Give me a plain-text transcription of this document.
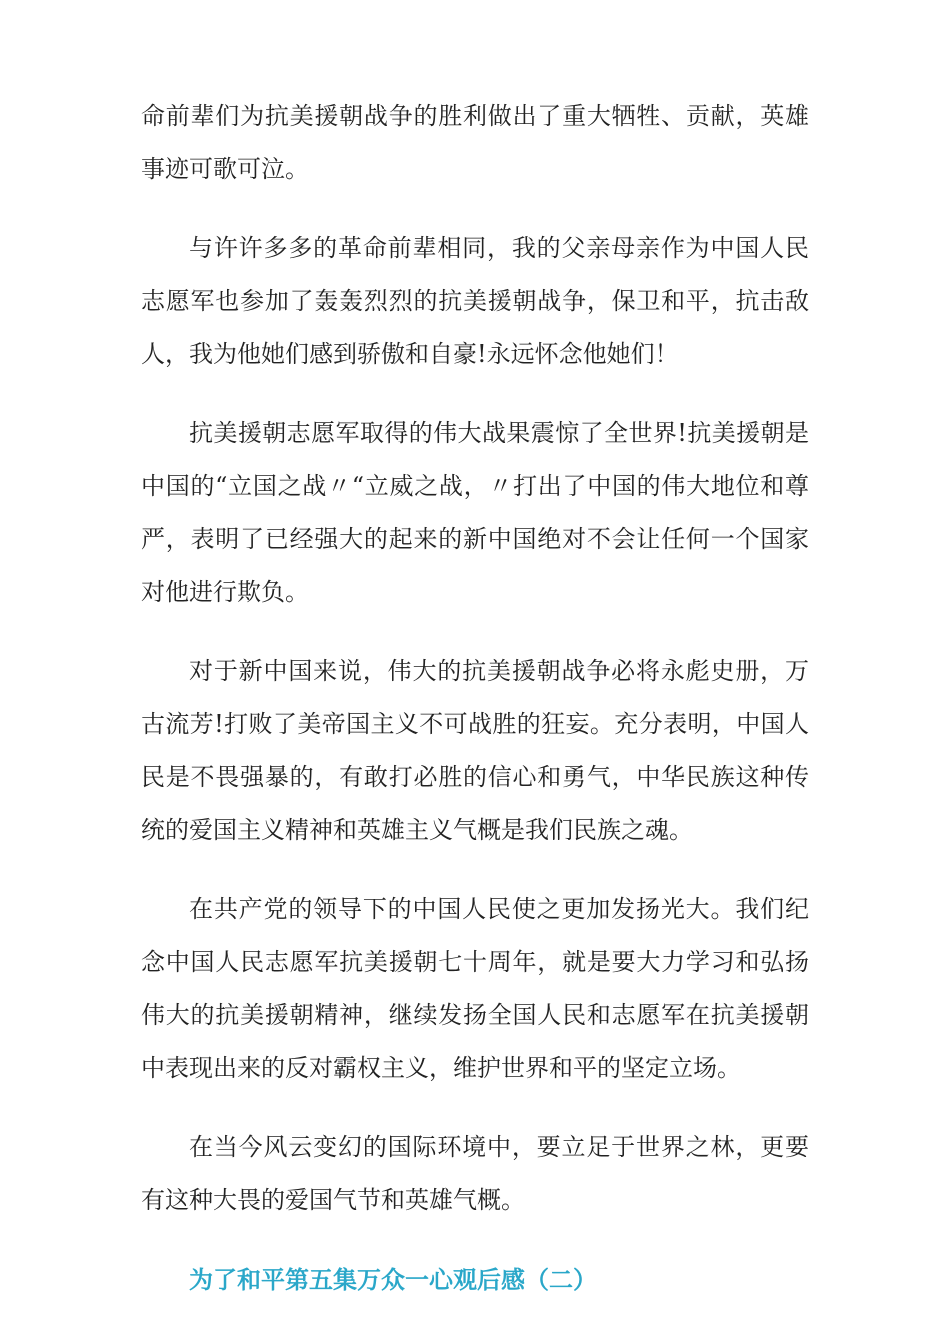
命前辈们为抗美援朝战争的胜利做出了重大牺牲、贡献，英雄事迹可歌可泣。

与许许多多的革命前辈相同，我的父亲母亲作为中国人民志愿军也参加了轰轰烈烈的抗美援朝战争，保卫和平，抗击敌人，我为他她们感到骄傲和自豪!永远怀念他她们！

抗美援朝志愿军取得的伟大战果震惊了全世界!抗美援朝是中国的“立国之战〃“立威之战，〃打出了中国的伟大地位和尊严，表明了已经强大的起来的新中国绝对不会让任何一个国家对他进行欺负。

对于新中国来说，伟大的抗美援朝战争必将永彪史册，万古流芳!打败了美帝国主义不可战胜的狂妄。充分表明，中国人民是不畏强暴的，有敢打必胜的信心和勇气，中华民族这种传统的爱国主义精神和英雄主义气概是我们民族之魂。

在共产党的领导下的中国人民使之更加发扬光大。我们纪念中国人民志愿军抗美援朝七十周年，就是要大力学习和弘扬伟大的抗美援朝精神，继续发扬全国人民和志愿军在抗美援朝中表现出来的反对霸权主义，维护世界和平的坚定立场。

在当今风云变幻的国际环境中，要立足于世界之林，更要有这种大畏的爱国气节和英雄气概。

为了和平第五集万众一心观后感（二）
